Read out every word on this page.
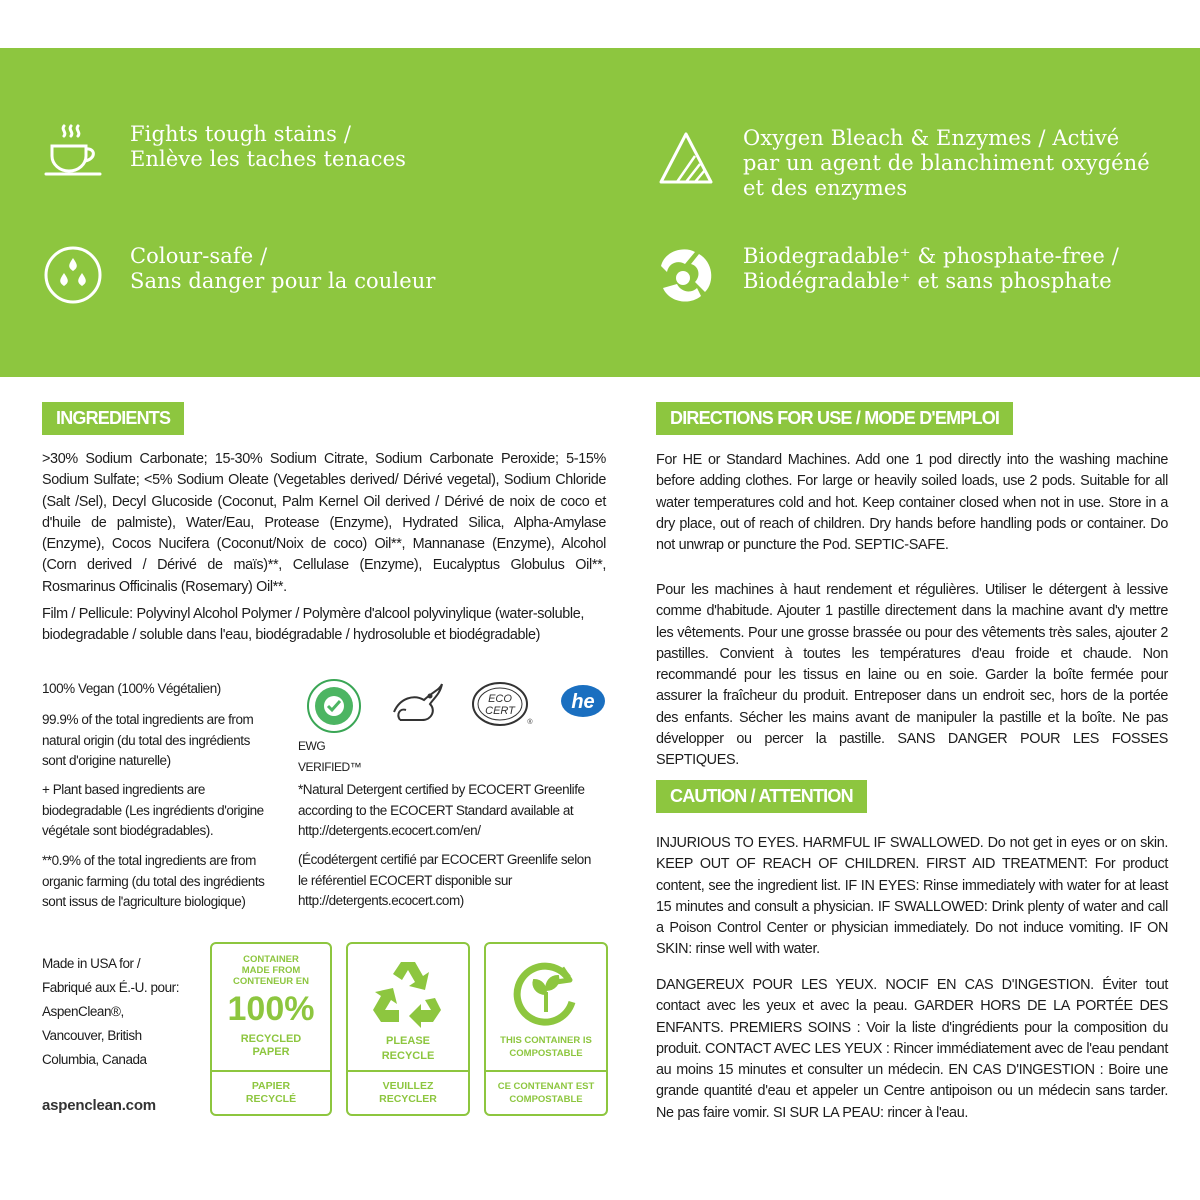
Fights tough stains /
Enlève les taches tenaces
Oxygen Bleach & Enzymes / Activé
par un agent de blanchiment oxygéné
et des enzymes
Colour-safe /
Sans danger pour la couleur
Biodegradable⁺ & phosphate-free /
Biodégradable⁺ et sans phosphate
INGREDIENTS
>30% Sodium Carbonate; 15-30% Sodium Citrate, Sodium Carbonate Peroxide; 5-15% Sodium Sulfate; <5% Sodium Oleate (Vegetables derived/ Dérivé vegetal), Sodium Chloride (Salt /Sel), Decyl Glucoside (Coconut, Palm Kernel Oil derived / Dérivé de noix de coco et d'huile de palmiste), Water/Eau, Protease (Enzyme), Hydrated Silica, Alpha-Amylase (Enzyme), Cocos Nucifera (Coconut/Noix de coco) Oil**, Mannanase (Enzyme), Alcohol (Corn derived / Dérivé de maïs)**, Cellulase (Enzyme), Eucalyptus Globulus Oil**, Rosmarinus Officinalis (Rosemary) Oil**.
Film / Pellicule: Polyvinyl Alcohol Polymer / Polymère d'alcool polyvinylique (water-soluble, biodegradable / soluble dans l'eau, biodégradable / hydrosoluble et biodégradable)
100% Vegan (100% Végétalien)
99.9% of the total ingredients are from
natural origin (du total des ingrédients
sont d'origine naturelle)
+ Plant based ingredients are
biodegradable (Les ingrédients d'origine
végétale sont biodégradables).
**0.9% of the total ingredients are from
organic farming (du total des ingrédients
sont issus de l'agriculture biologique)
EWG VERIFIED™
ECO
CERT
®
he
*Natural Detergent certified by ECOCERT Greenlife
according to the ECOCERT Standard available at
http://detergents.ecocert.com/en/
(Écodétergent certifié par ECOCERT Greenlife selon
le référentiel ECOCERT disponible sur
http://detergents.ecocert.com)
Made in USA for /
Fabriqué aux É.-U. pour:
AspenClean®,
Vancouver, British
Columbia, Canada
aspenclean.com
CONTAINER
MADE FROM
CONTENEUR EN
100%
RECYCLED
PAPER
PAPIER
RECYCLÉ
PLEASE
RECYCLE
VEUILLEZ
RECYCLER
THIS CONTAINER IS
COMPOSTABLE
CE CONTENANT EST
COMPOSTABLE
DIRECTIONS FOR USE / MODE D'EMPLOI
For HE or Standard Machines. Add one 1 pod directly into the washing machine before adding clothes. For large or heavily soiled loads, use 2 pods. Suitable for all water temperatures cold and hot. Keep container closed when not in use. Store in a dry place, out of reach of children. Dry hands before handling pods or container. Do not unwrap or puncture the Pod. SEPTIC-SAFE.
Pour les machines à haut rendement et régulières. Utiliser le détergent à lessive comme d'habitude. Ajouter 1 pastille directement dans la machine avant d'y mettre les vêtements. Pour une grosse brassée ou pour des vêtements très sales, ajouter 2 pastilles. Convient à toutes les températures d'eau froide et chaude. Non recommandé pour les tissus en laine ou en soie. Garder la boîte fermée pour assurer la fraîcheur du produit. Entreposer dans un endroit sec, hors de la portée des enfants. Sécher les mains avant de manipuler la pastille et la boîte. Ne pas développer ou percer la pastille. SANS DANGER POUR LES FOSSES SEPTIQUES.
CAUTION / ATTENTION
INJURIOUS TO EYES. HARMFUL IF SWALLOWED. Do not get in eyes or on skin. KEEP OUT OF REACH OF CHILDREN. FIRST AID TREATMENT: For product content, see the ingredient list. IF IN EYES: Rinse immediately with water for at least 15 minutes and consult a physician. IF SWALLOWED: Drink plenty of water and call a Poison Control Center or physician immediately. Do not induce vomiting. IF ON SKIN: rinse well with water.
DANGEREUX POUR LES YEUX. NOCIF EN CAS D'INGESTION. Éviter tout contact avec les yeux et avec la peau. GARDER HORS DE LA PORTÉE DES ENFANTS. PREMIERS SOINS : Voir la liste d'ingrédients pour la composition du produit. CONTACT AVEC LES YEUX : Rincer immédiatement avec de l'eau pendant au moins 15 minutes et consulter un médecin. EN CAS D'INGESTION : Boire une grande quantité d'eau et appeler un Centre antipoison ou un médecin sans tarder. Ne pas faire vomir. SI SUR LA PEAU: rincer à l'eau.
